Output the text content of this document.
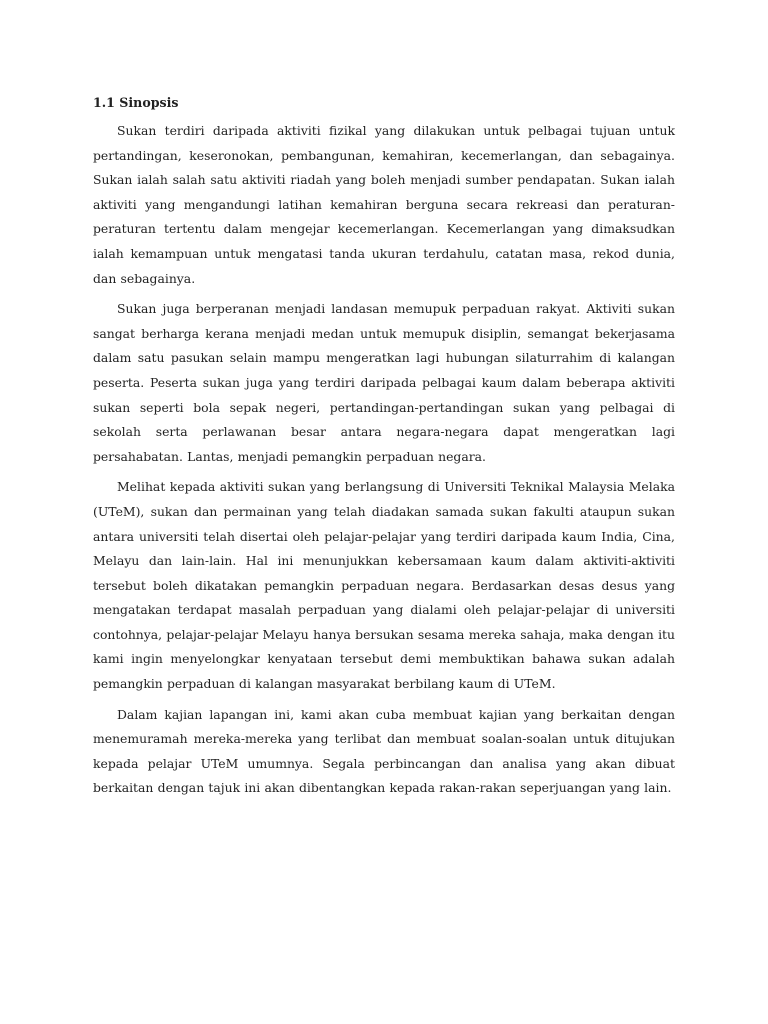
1.1 Sinopsis

Sukan terdiri daripada aktiviti fizikal yang dilakukan untuk pelbagai tujuan untuk pertandingan, keseronokan, pembangunan, kemahiran, kecemerlangan, dan sebagainya. Sukan ialah salah satu aktiviti riadah yang boleh menjadi sumber pendapatan. Sukan ialah aktiviti yang mengandungi latihan kemahiran berguna secara rekreasi dan peraturan-peraturan tertentu dalam mengejar kecemerlangan. Kecemerlangan yang dimaksudkan ialah kemampuan untuk mengatasi tanda ukuran terdahulu, catatan masa, rekod dunia, dan sebagainya.

Sukan juga berperanan menjadi landasan memupuk perpaduan rakyat. Aktiviti sukan sangat berharga kerana menjadi medan untuk memupuk disiplin, semangat bekerjasama dalam satu pasukan selain mampu mengeratkan lagi hubungan silaturrahim di kalangan peserta. Peserta sukan juga yang terdiri daripada pelbagai kaum dalam beberapa aktiviti sukan seperti bola sepak negeri, pertandingan-pertandingan sukan yang pelbagai di sekolah serta perlawanan besar antara negara-negara dapat mengeratkan lagi persahabatan. Lantas, menjadi pemangkin perpaduan negara.

Melihat kepada aktiviti sukan yang berlangsung di Universiti Teknikal Malaysia Melaka (UTeM), sukan dan permainan yang telah diadakan samada sukan fakulti ataupun sukan antara universiti telah disertai oleh pelajar-pelajar yang terdiri daripada kaum India, Cina, Melayu dan lain-lain. Hal ini menunjukkan kebersamaan kaum dalam aktiviti-aktiviti tersebut boleh dikatakan pemangkin perpaduan negara. Berdasarkan desas desus yang mengatakan terdapat masalah perpaduan yang dialami oleh pelajar-pelajar di universiti contohnya, pelajar-pelajar Melayu hanya bersukan sesama mereka sahaja, maka dengan itu kami ingin menyelongkar kenyataan tersebut demi membuktikan bahawa sukan adalah pemangkin perpaduan di kalangan masyarakat berbilang kaum di UTeM.

Dalam kajian lapangan ini, kami akan cuba membuat kajian yang berkaitan dengan menemuramah mereka-mereka yang terlibat dan membuat soalan-soalan untuk ditujukan kepada pelajar UTeM umumnya. Segala perbincangan dan analisa yang akan dibuat berkaitan dengan tajuk ini akan dibentangkan kepada rakan-rakan seperjuangan yang lain.
